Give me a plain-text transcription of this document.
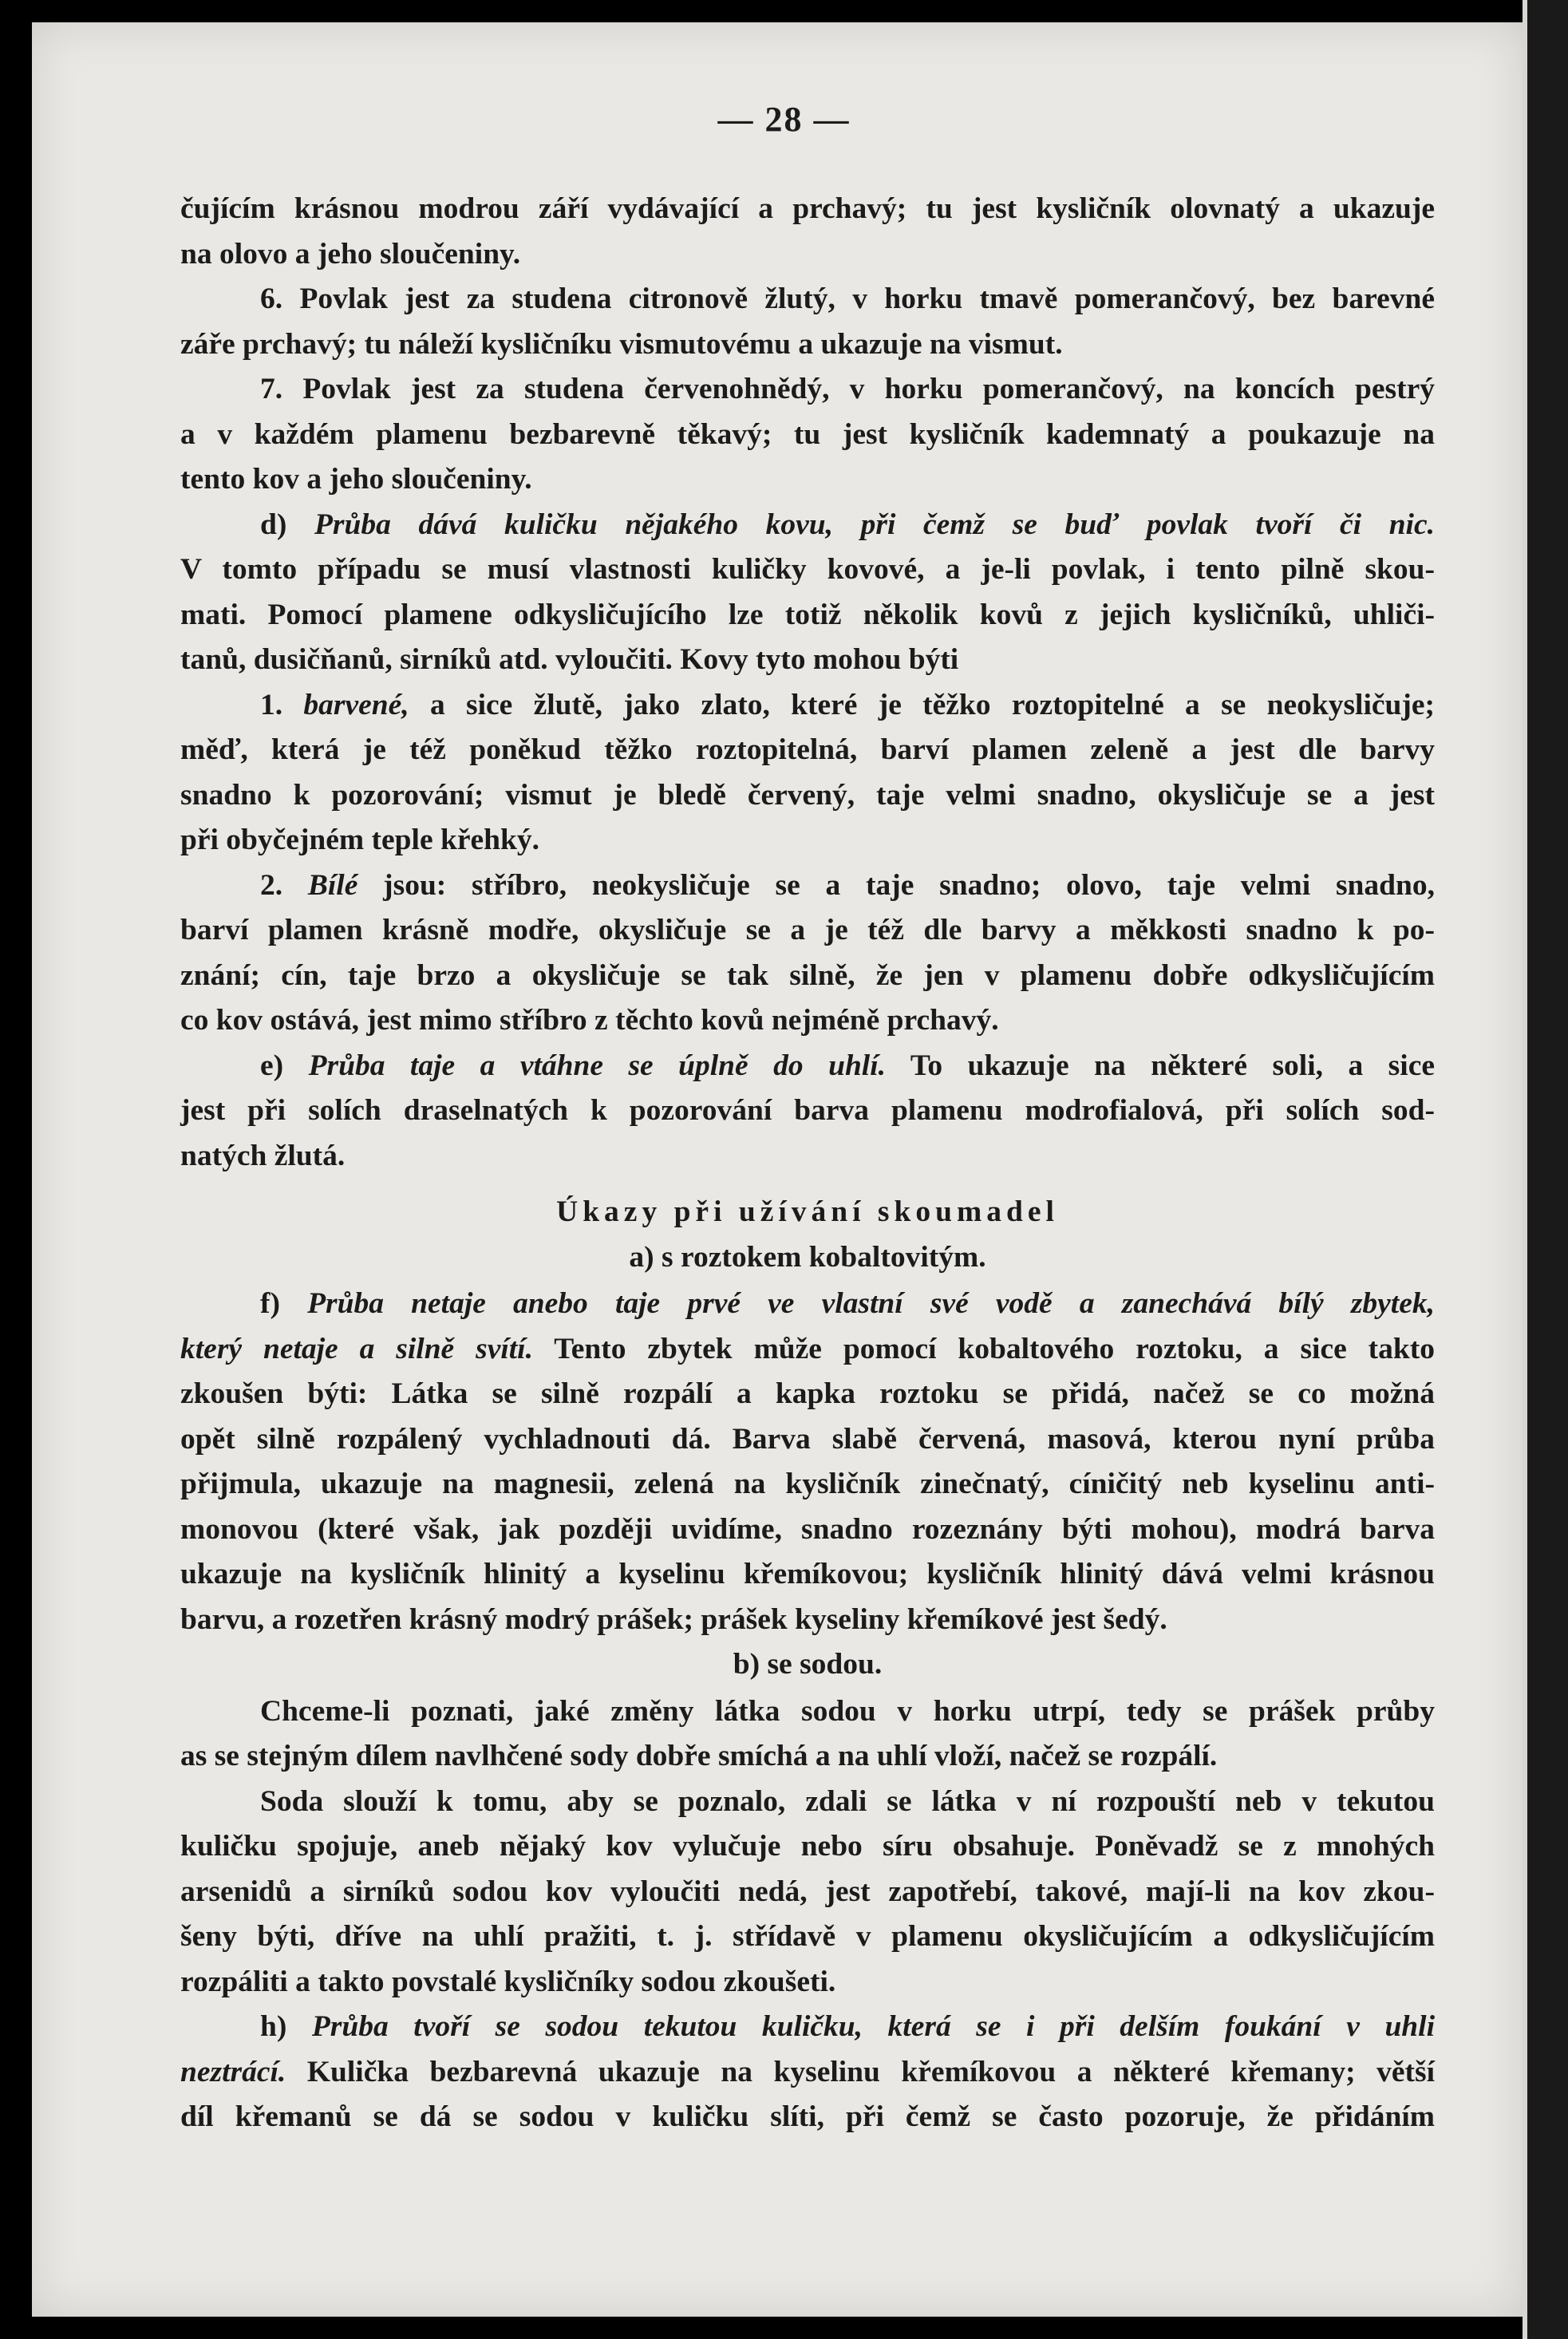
— 28 —

čujícím krásnou modrou září vydávající a prchavý; tu jest kysličník olovnatý a ukazuje

na olovo a jeho sloučeniny.

6. Povlak jest za studena citronově žlutý, v horku tmavě pomerančový, bez barevné

záře prchavý; tu náleží kysličníku vismutovému a ukazuje na vismut.

7. Povlak jest za studena červenohnědý, v horku pomerančový, na koncích pestrý

a v každém plamenu bezbarevně těkavý; tu jest kysličník kademnatý a poukazuje na

tento kov a jeho sloučeniny.

d) Průba dává kuličku nějakého kovu, při čemž se buď povlak tvoří či nic.

V tomto případu se musí vlastnosti kuličky kovové, a je-li povlak, i tento pilně skou-

mati. Pomocí plamene odkysličujícího lze totiž několik kovů z jejich kysličníků, uhliči-

tanů, dusičňanů, sirníků atd. vyloučiti. Kovy tyto mohou býti

1. barvené, a sice žlutě, jako zlato, které je těžko roztopitelné a se neokysličuje;

měď, která je též poněkud těžko roztopitelná, barví plamen zeleně a jest dle barvy

snadno k pozorování; vismut je bledě červený, taje velmi snadno, okysličuje se a jest

při obyčejném teple křehký.

2. Bílé jsou: stříbro, neokysličuje se a taje snadno; olovo, taje velmi snadno,

barví plamen krásně modře, okysličuje se a je též dle barvy a měkkosti snadno k po-

znání; cín, taje brzo a okysličuje se tak silně, že jen v plamenu dobře odkysličujícím

co kov ostává, jest mimo stříbro z těchto kovů nejméně prchavý.

e) Průba taje a vtáhne se úplně do uhlí. To ukazuje na některé soli, a sice

jest při solích draselnatých k pozorování barva plamenu modrofialová, při solích sod-

natých žlutá.

Úkazy při užívání skoumadel

a) s roztokem kobaltovitým.

f) Průba netaje anebo taje prvé ve vlastní své vodě a zanechává bílý zbytek,

který netaje a silně svítí. Tento zbytek může pomocí kobaltového roztoku, a sice takto

zkoušen býti: Látka se silně rozpálí a kapka roztoku se přidá, načež se co možná

opět silně rozpálený vychladnouti dá. Barva slabě červená, masová, kterou nyní průba

přijmula, ukazuje na magnesii, zelená na kysličník zinečnatý, cíničitý neb kyselinu anti-

monovou (které však, jak později uvidíme, snadno rozeznány býti mohou), modrá barva

ukazuje na kysličník hlinitý a kyselinu křemíkovou; kysličník hlinitý dává velmi krásnou

barvu, a rozetřen krásný modrý prášek; prášek kyseliny křemíkové jest šedý.

b) se sodou.

Chceme-li poznati, jaké změny látka sodou v horku utrpí, tedy se prášek průby

as se stejným dílem navlhčené sody dobře smíchá a na uhlí vloží, načež se rozpálí.

Soda slouží k tomu, aby se poznalo, zdali se látka v ní rozpouští neb v tekutou

kuličku spojuje, aneb nějaký kov vylučuje nebo síru obsahuje. Poněvadž se z mnohých

arsenidů a sirníků sodou kov vyloučiti nedá, jest zapotřebí, takové, mají-li na kov zkou-

šeny býti, dříve na uhlí pražiti, t. j. střídavě v plamenu okysličujícím a odkysličujícím

rozpáliti a takto povstalé kysličníky sodou zkoušeti.

h) Průba tvoří se sodou tekutou kuličku, která se i při delším foukání v uhli

neztrácí. Kulička bezbarevná ukazuje na kyselinu křemíkovou a některé křemany; větší

díl křemanů se dá se sodou v kuličku slíti, při čemž se často pozoruje, že přidáním
